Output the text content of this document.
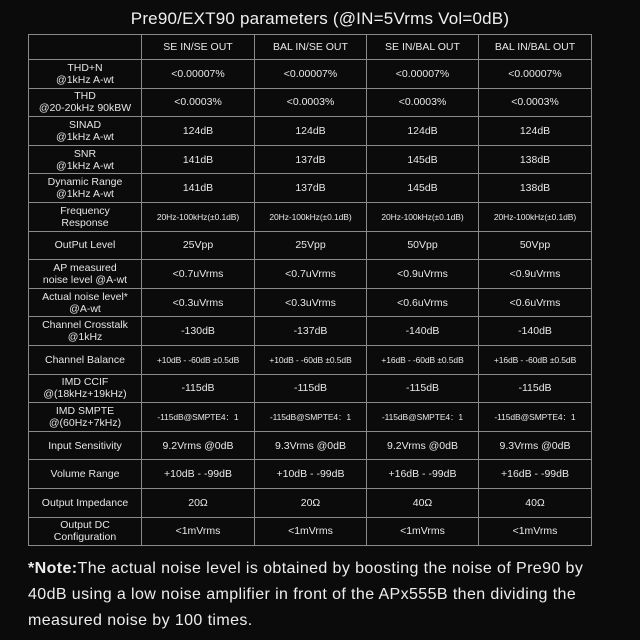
Pre90/EXT90 parameters (@IN=5Vrms Vol=0dB)
	SE IN/SE OUT	BAL IN/SE OUT	SE IN/BAL OUT	BAL IN/BAL OUT
THD+N
@1kHz A-wt	<0.00007%	<0.00007%	<0.00007%	<0.00007%
THD
@20-20kHz 90kBW	<0.0003%	<0.0003%	<0.0003%	<0.0003%
SINAD
@1kHz A-wt	124dB	124dB	124dB	124dB
SNR
@1kHz A-wt	141dB	137dB	145dB	138dB
Dynamic Range
@1kHz A-wt	141dB	137dB	145dB	138dB
Frequency
Response	20Hz-100kHz(±0.1dB)	20Hz-100kHz(±0.1dB)	20Hz-100kHz(±0.1dB)	20Hz-100kHz(±0.1dB)
OutPut Level	25Vpp	25Vpp	50Vpp	50Vpp
AP measured
noise level @A-wt	<0.7uVrms	<0.7uVrms	<0.9uVrms	<0.9uVrms
Actual noise level*
@A-wt	<0.3uVrms	<0.3uVrms	<0.6uVrms	<0.6uVrms
Channel Crosstalk
@1kHz	-130dB	-137dB	-140dB	-140dB
Channel Balance	+10dB - -60dB ±0.5dB	+10dB - -60dB ±0.5dB	+16dB - -60dB ±0.5dB	+16dB - -60dB ±0.5dB
IMD CCIF
@(18kHz+19kHz)	-115dB	-115dB	-115dB	-115dB
IMD SMPTE
@(60Hz+7kHz)	-115dB@SMPTE4：1	-115dB@SMPTE4：1	-115dB@SMPTE4：1	-115dB@SMPTE4：1
Input Sensitivity	9.2Vrms @0dB	9.3Vrms @0dB	9.2Vrms @0dB	9.3Vrms @0dB
Volume Range	+10dB - -99dB	+10dB - -99dB	+16dB - -99dB	+16dB - -99dB
Output Impedance	20Ω	20Ω	40Ω	40Ω
Output DC
Configuration	<1mVrms	<1mVrms	<1mVrms	<1mVrms
*Note:The actual noise level is obtained by boosting the noise of Pre90 by 40dB using a low noise amplifier in front of the APx555B then dividing the measured noise by 100 times.
